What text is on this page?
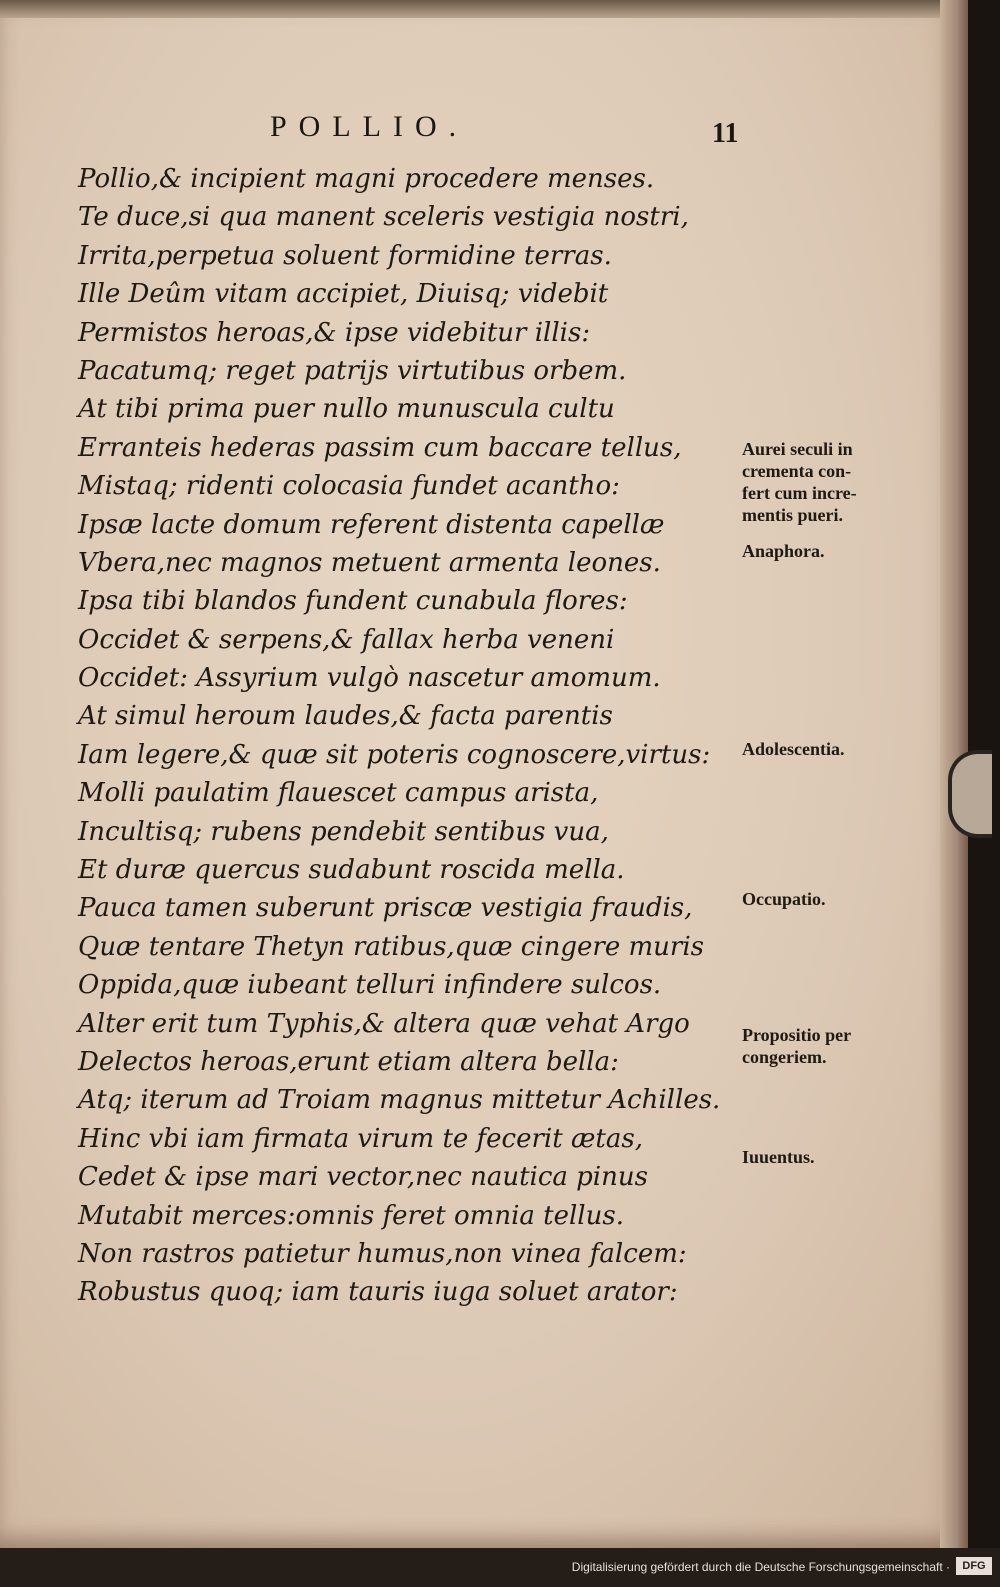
POLLIO.	11
Pollio,& incipient magni procedere menses.
Te duce,si qua manent sceleris vestigia nostri,
Irrita,perpetua soluent formidine terras.
Ille Deûm vitam accipiet, Diuisq; videbit
Permistos heroas,& ipse videbitur illis:
Pacatumq; reget patrijs virtutibus orbem.
At tibi prima puer nullo munuscula cultu
Erranteis hederas passim cum baccare tellus,
Mistaq; ridenti colocasia fundet acantho:
Ipsæ lacte domum referent distenta capellæ
Vbera,nec magnos metuent armenta leones.
Ipsa tibi blandos fundent cunabula flores:
Occidet & serpens,& fallax herba veneni
Occidet: Assyrium vulgò nascetur amomum.
At simul heroum laudes,& facta parentis
Iam legere,& quæ sit poteris cognoscere,virtus:
Molli paulatim flauescet campus arista,
Incultisq; rubens pendebit sentibus vua,
Et duræ quercus sudabunt roscida mella.
Pauca tamen suberunt priscæ vestigia fraudis,
Quæ tentare Thetyn ratibus,quæ cingere muris
Oppida,quæ iubeant telluri infindere sulcos.
Alter erit tum Typhis,& altera quæ vehat Argo
Delectos heroas,erunt etiam altera bella:
Atq; iterum ad Troiam magnus mittetur Achilles.
Hinc vbi iam firmata virum te fecerit ætas,
Cedet & ipse mari vector,nec nautica pinus
Mutabit merces:omnis feret omnia tellus.
Non rastros patietur humus,non vinea falcem:
Robustus quoq; iam tauris iuga soluet arator:
Aurei seculi in
crementa con-
fert cum incre-
mentis pueri.
Anaphora.
Adolescentia.
Occupatio.
Propositio per
congeriem.
Iuuentus.
Digitalisierung gefördert durch die Deutsche Forschungsgemeinschaft ·	DFG
